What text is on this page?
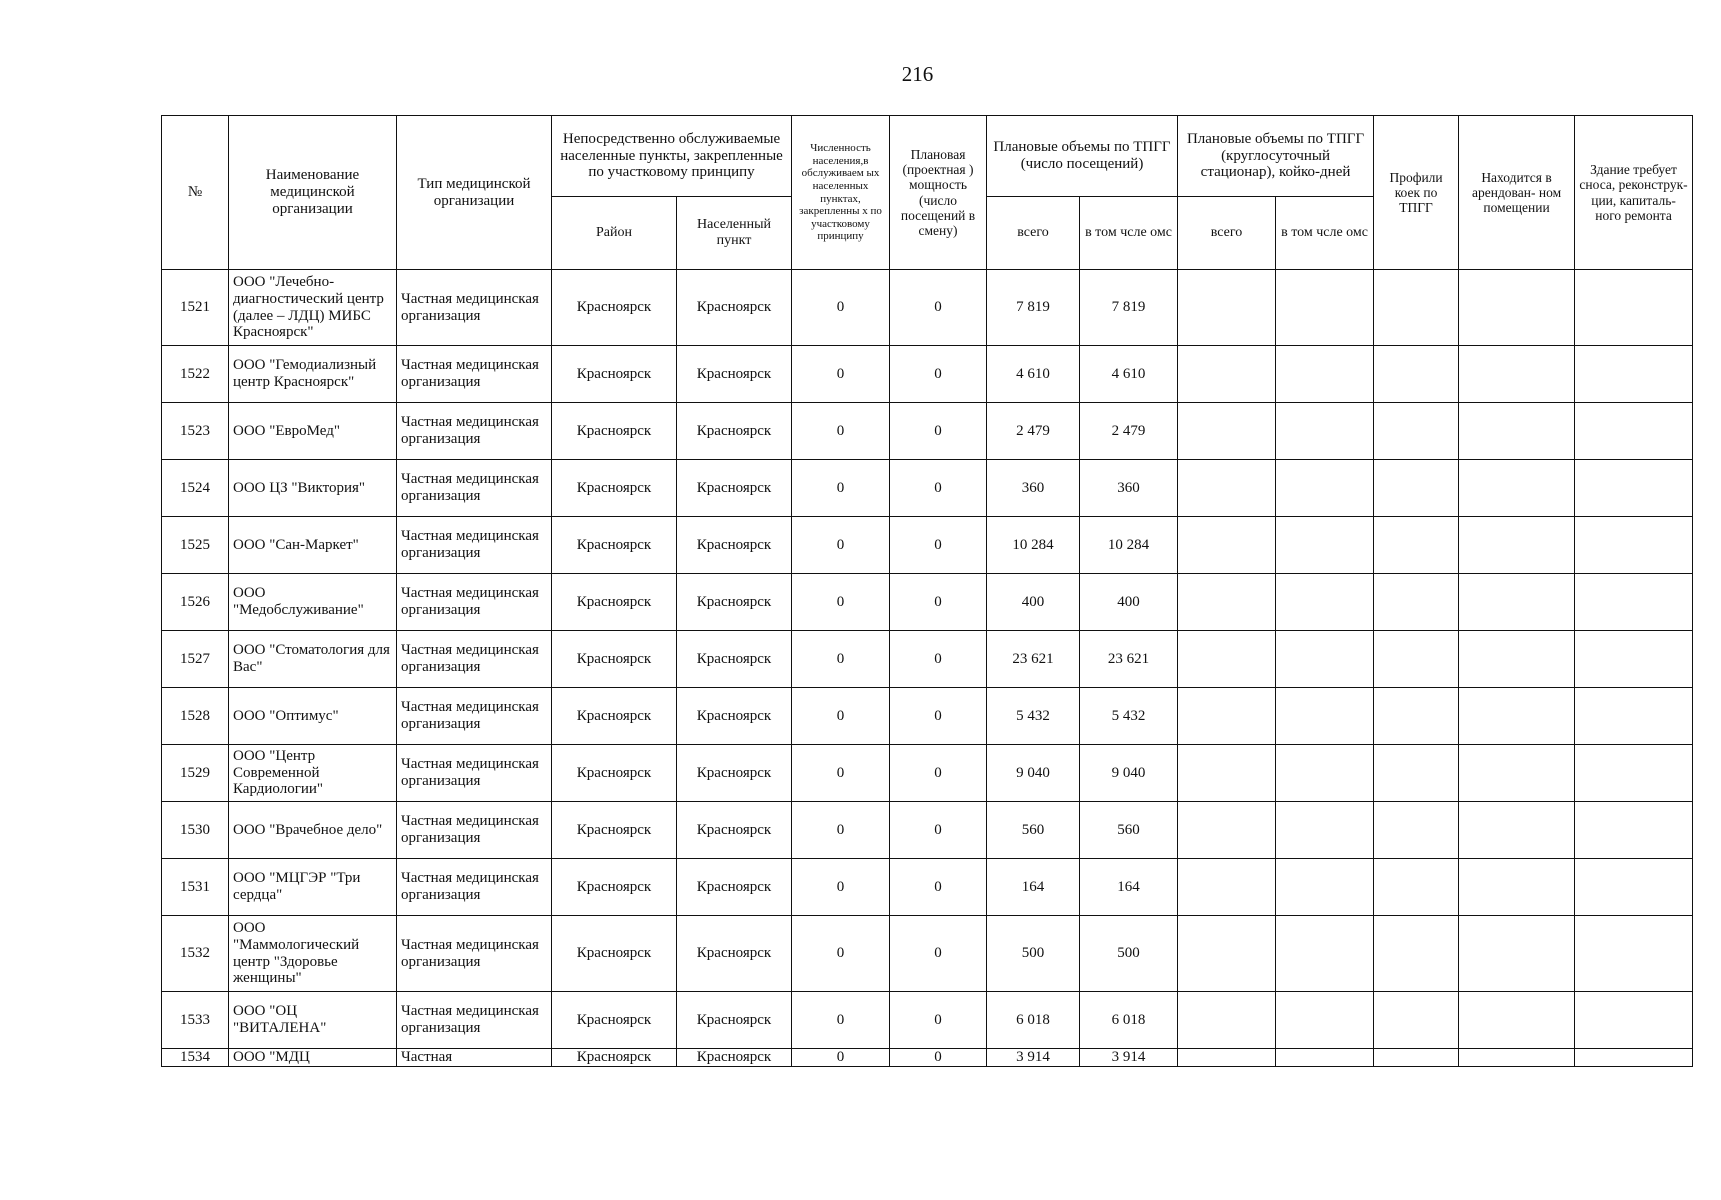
216
№	Наименование медицинской организации	Тип медицинской организации	Непосредственно обслуживаемые населенные пункты, закрепленные по участковому принципу		Численность населения,в обслуживаем ых населенных пунктах, закрепленны х по участковому принципу	Плановая (проектная ) мощность (число посещений в смену)	Плановые объемы по ТПГГ (число посещений)		Плановые объемы по ТПГГ (круглосуточный стационар), койко-дней		Профили коек по ТПГГ	Находится в арендован- ном помещении	Здание требует сноса, реконструк- ции, капиталь- ного ремонта
			Район	Населенный пункт			всего	в том чсле омс	всего	в том чсле омс			
1521	ООО "Лечебно-диагностический центр (далее – ЛДЦ) МИБС Красноярск"	Частная медицинская организация	Красноярск	Красноярск	0	0	7 819	7 819					
1522	ООО "Гемодиализный центр Красноярск"	Частная медицинская организация	Красноярск	Красноярск	0	0	4 610	4 610					
1523	ООО "ЕвроМед"	Частная медицинская организация	Красноярск	Красноярск	0	0	2 479	2 479					
1524	ООО ЦЗ "Виктория"	Частная медицинская организация	Красноярск	Красноярск	0	0	360	360					
1525	ООО "Сан-Маркет"	Частная медицинская организация	Красноярск	Красноярск	0	0	10 284	10 284					
1526	ООО "Медобслуживание"	Частная медицинская организация	Красноярск	Красноярск	0	0	400	400					
1527	ООО "Стоматология для Вас"	Частная медицинская организация	Красноярск	Красноярск	0	0	23 621	23 621					
1528	ООО "Оптимус"	Частная медицинская организация	Красноярск	Красноярск	0	0	5 432	5 432					
1529	ООО "Центр Современной Кардиологии"	Частная медицинская организация	Красноярск	Красноярск	0	0	9 040	9 040					
1530	ООО "Врачебное дело"	Частная медицинская организация	Красноярск	Красноярск	0	0	560	560					
1531	ООО "МЦГЭР "Три сердца"	Частная медицинская организация	Красноярск	Красноярск	0	0	164	164					
1532	ООО "Маммологический центр "Здоровье женщины"	Частная медицинская организация	Красноярск	Красноярск	0	0	500	500					
1533	ООО "ОЦ "ВИТАЛЕНА"	Частная медицинская организация	Красноярск	Красноярск	0	0	6 018	6 018					
1534	ООО "МДЦ	Частная	Красноярск	Красноярск	0	0	3 914	3 914					
